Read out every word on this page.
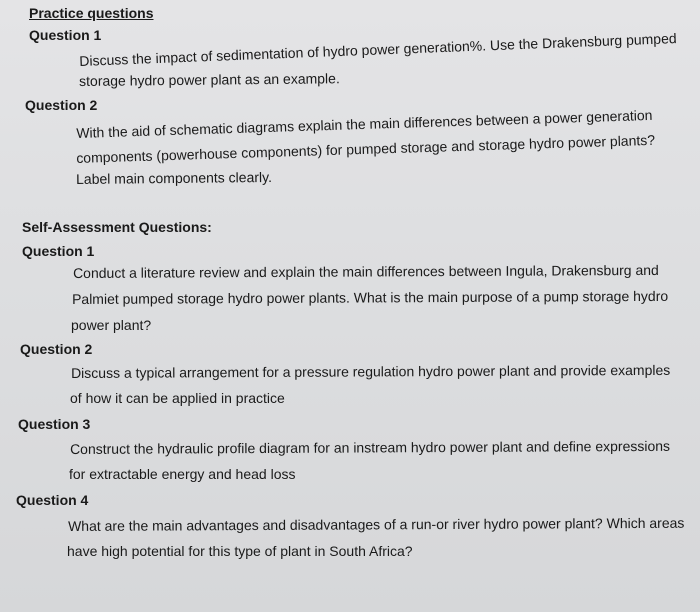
Practice questions
Question 1
Discuss the impact of sedimentation of hydro power generation%. Use the Drakensburg pumped
storage hydro power plant as an example.
Question 2
With the aid of schematic diagrams explain the main differences between a power generation
components (powerhouse components) for pumped storage and storage hydro power plants?
Label main components clearly.
Self-Assessment Questions:
Question 1
Conduct a literature review and explain the main differences between Ingula, Drakensburg and
Palmiet pumped storage hydro power plants. What is the main purpose of a pump storage hydro
power plant?
Question 2
Discuss a typical arrangement for a pressure regulation hydro power plant and provide examples
of how it can be applied in practice
Question 3
Construct the hydraulic profile diagram for an instream hydro power plant and define expressions
for extractable energy and head loss
Question 4
What are the main advantages and disadvantages of a run-or river hydro power plant? Which areas
have high potential for this type of plant in South Africa?
